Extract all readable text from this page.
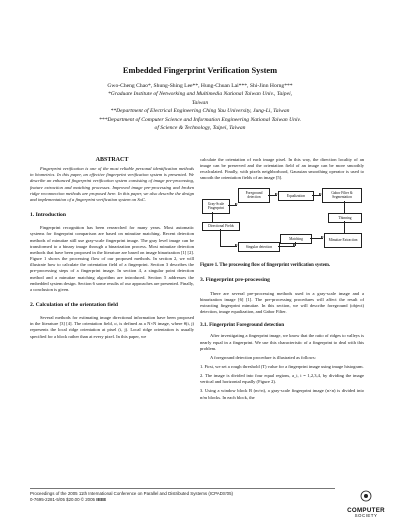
Embedded Fingerprint Verification System
Gwo-Cheng Chao*, Shung-Shing Lee**, Hung-Chuan Lai***, Shi-Jinn Horng***
*Graduate Institute of Networking and Multimedia National Taiwan Univ., Taipei,
Taiwan
**Department of Electrical Engineering Ching Yau University, Jung-Li, Taiwan
***Department of Computer Science and Information Engineering National Taiwan Univ.
of Science & Technology, Taipei, Taiwan
ABSTRACT

Fingerprint verification is one of the most reliable personal identification methods in biometrics. In this paper, an effective fingerprint verification system is presented. We describe an enhanced fingerprint verification system consisting of image pre-processing, feature extraction and matching processes. Improved image pre-processing and broken ridge reconnection methods are proposed here. In this paper, we also describe the design and implementation of a fingerprint verification system on SoC.

1. Introduction

Fingerprint recognition has been researched for many years. Most automatic systems for fingerprint comparison are based on minutiae matching. Recent detection methods of minutiae still use gray-scale fingerprint image. The gray level image can be transformed to a binary image through a binarization process. Most minutiae detection methods that have been proposed in the literature are based on image binarization [1] [2]. Figure 1 shows the processing flow of our proposed methods. In section 2, we will illustrate how to calculate the orientation field of a fingerprint. Section 3 describes the pre-processing steps of a fingerprint image. In section 4, a singular point detection method and a minutiae matching algorithm are introduced. Section 5 addresses the embedded system design. Section 6 some results of our approaches are presented. Finally, a conclusion is given.

2. Calculation of the orientation field

Several methods for estimating image directional information have been proposed in the literature [3] [4]. The orientation field, σ, is defined as a N×N image, where θ(i, j) represents the local ridge orientation at pixel (i, j). Local ridge orientation is usually specified for a block rather than at every pixel. In this paper, we

calculate the orientation of each image pixel. In this way, the direction locality of an image can be preserved and the orientation field of an image can be more smoothly recalculated. Finally, with pixels neighborhood, Gaussian smoothing operator is used to smooth the orientation fields of an image [5].

Gray-Scale Fingerprint
Foreground detection	Equalization
Gabor Filter & Segmentation
Thinning
Directional Fields
Matching	Minutiae Extraction
Singular detection
Figure 1. The processing flow of fingerprint verification system.
3. Fingerprint pre-processing

There are several pre-processing methods used in a gray-scale image and a binarization image [6] [1]. The pre-processing procedures will affect the result of extracting fingerprint minutiae. In this section, we will describe foreground (object) detection, image equalization, and Gabor Filter.

3.1. Fingerprint Foreground detection

After investigating a fingerprint image, we know that the ratio of ridges to valleys is nearly equal in a fingerprint. We use this characteristic of a fingerprint to deal with this problem.

A foreground detection procedure is illustrated as follows:

1. First, we set a rough threshold (T) value for a fingerprint image using image histogram.

2. The image is divided into four equal regions, a_i, i = 1,2,3,4, by dividing the image vertical and horizontal equally (Figure 2).

3. Using a window block B (m×n), a gray-scale fingerprint image (n×n) is divided into n/m blocks. In each block, the

Proceedings of the 2005 11th International Conference on Parallel and Distributed Systems (ICPADS'05)
0-7695-2281-5/05 $20.00 © 2005 IEEE
COMPUTER
SOCIETY
